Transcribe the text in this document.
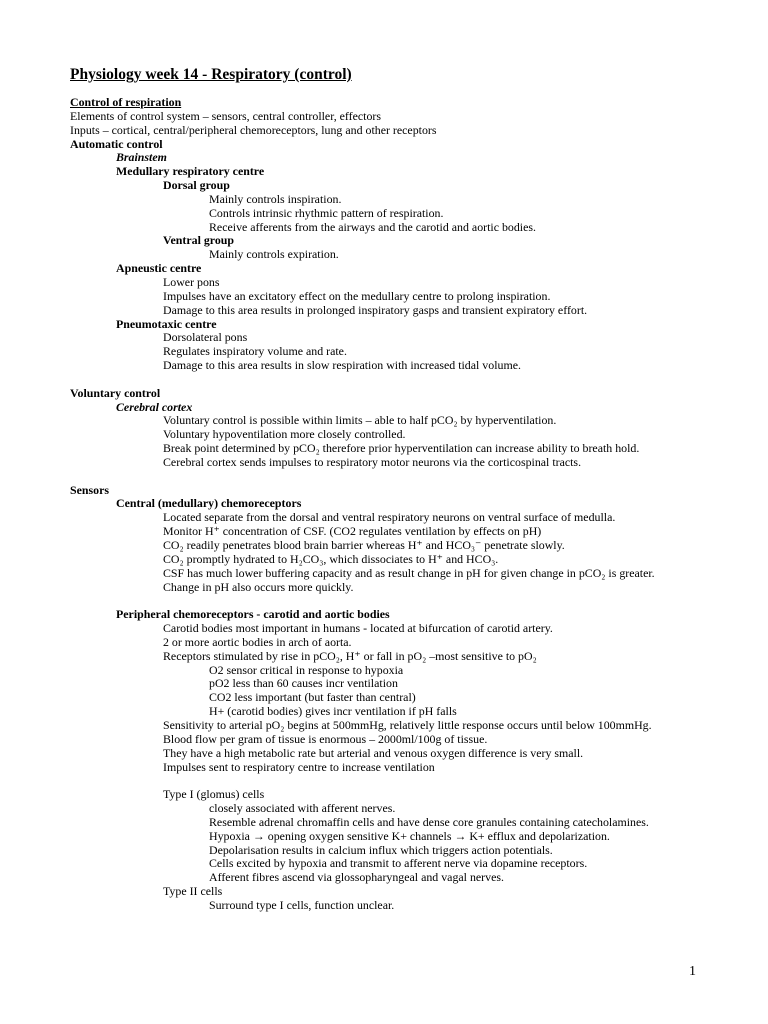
Physiology week 14 - Respiratory (control)
Control of respiration
Elements of control system – sensors, central controller, effectors
Inputs – cortical, central/peripheral chemoreceptors, lung and other receptors
Automatic control
Brainstem
Medullary respiratory centre
Dorsal group
Mainly controls inspiration.
Controls intrinsic rhythmic pattern of respiration.
Receive afferents from the airways and the carotid and aortic bodies.
Ventral group
Mainly controls expiration.
Apneustic centre
Lower pons
Impulses have an excitatory effect on the medullary centre to prolong inspiration.
Damage to this area results in prolonged inspiratory gasps and transient expiratory effort.
Pneumotaxic centre
Dorsolateral pons
Regulates inspiratory volume and rate.
Damage to this area results in slow respiration with increased tidal volume.
Voluntary control
Cerebral cortex
Voluntary control is possible within limits – able to half pCO₂ by hyperventilation.
Voluntary hypoventilation more closely controlled.
Break point determined by pCO₂ therefore prior hyperventilation can increase ability to breath hold.
Cerebral cortex sends impulses to respiratory motor neurons via the corticospinal tracts.
Sensors
Central (medullary) chemoreceptors
Located separate from the dorsal and ventral respiratory neurons on ventral surface of medulla.
Monitor H⁺ concentration of CSF. (CO2 regulates ventilation by effects on pH)
CO₂ readily penetrates blood brain barrier whereas H⁺ and HCO₃⁻ penetrate slowly.
CO₂ promptly hydrated to H₂CO₃, which dissociates to H⁺ and HCO₃.
CSF has much lower buffering capacity and as result change in pH for given change in pCO₂ is greater.
Change in pH also occurs more quickly.
Peripheral chemoreceptors - carotid and aortic bodies
Carotid bodies most important in humans - located at bifurcation of carotid artery.
2 or more aortic bodies in arch of aorta.
Receptors stimulated by rise in pCO₂, H⁺ or fall in pO₂ –most sensitive to pO₂
O2 sensor critical in response to hypoxia
pO2 less than 60 causes incr ventilation
CO2 less important (but faster than central)
H+ (carotid bodies) gives incr ventilation if pH falls
Sensitivity to arterial pO₂ begins at 500mmHg, relatively little response occurs until below 100mmHg.
Blood flow per gram of tissue is enormous – 2000ml/100g of tissue.
They have a high metabolic rate but arterial and venous oxygen difference is very small.
Impulses sent to respiratory centre to increase ventilation
Type I (glomus) cells
closely associated with afferent nerves.
Resemble adrenal chromaffin cells and have dense core granules containing catecholamines.
Hypoxia → opening oxygen sensitive K+ channels → K+ efflux and depolarization.
Depolarisation results in calcium influx which triggers action potentials.
Cells excited by hypoxia and transmit to afferent nerve via dopamine receptors.
Afferent fibres ascend via glossopharyngeal and vagal nerves.
Type II cells
Surround type I cells, function unclear.
1
